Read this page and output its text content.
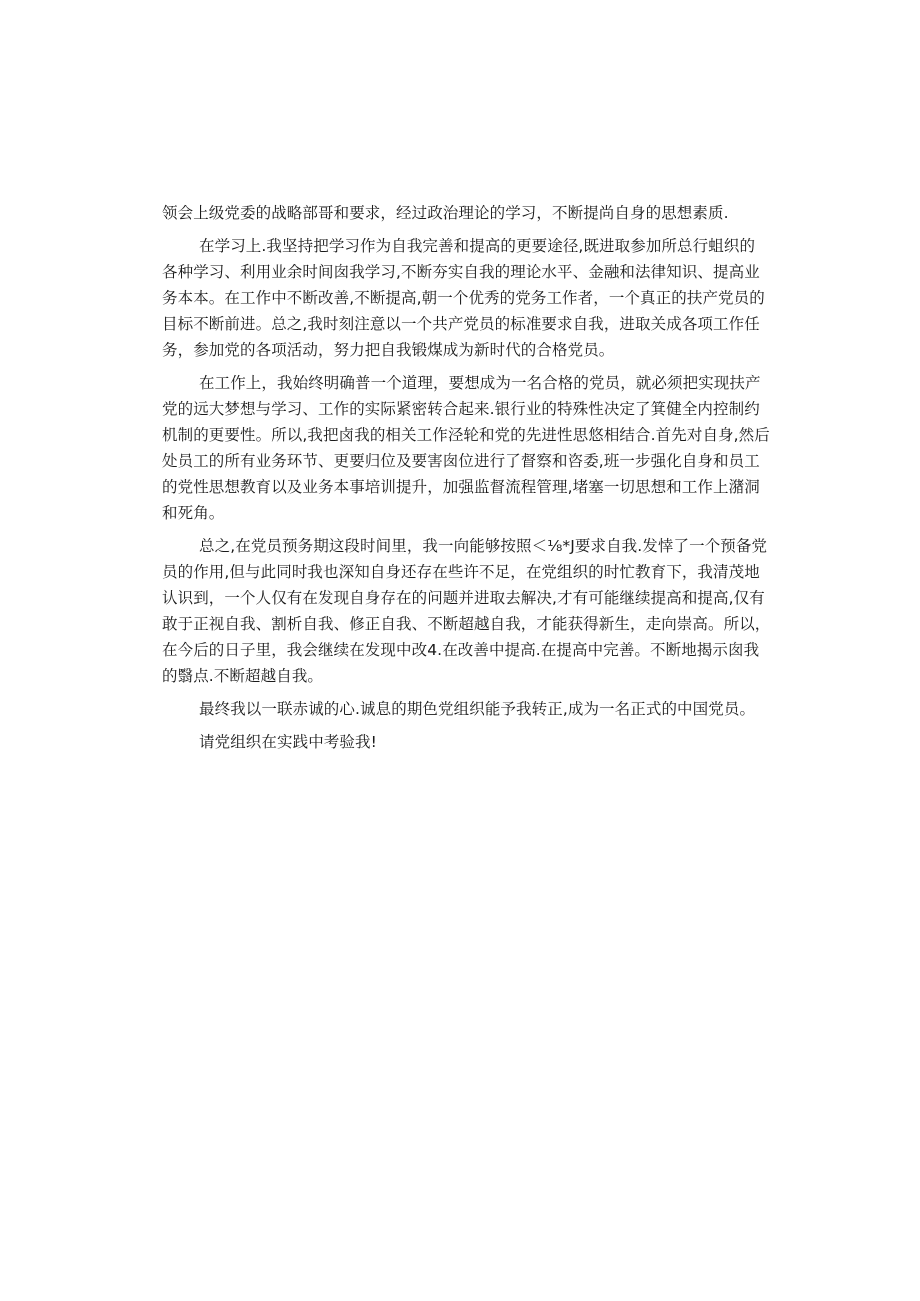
领会上级党委的战略部哥和要求，经过政治理论的学习，不断提尚自身的思想素质.
在学习上.我坚持把学习作为自我完善和提高的更要途径,既进取参加所总行蛆织的
各种学习、利用业余时间囱我学习,不断夯实自我的理论水平、金融和法律知识、提高业
务本本。在工作中不断改善,不断提高,朝一个优秀的党务工作者，一个真正的扶产党员的
目标不断前进。总之,我时刻注意以一个共产党员的标准要求自我，进取关成各项工作任
务，参加党的各项活动，努力把自我锻煤成为新时代的合格党员。
在工作上，我始终明确普一个道理，要想成为一名合格的党员，就必须把实现扶产
党的远大梦想与学习、工作的实际紧密转合起来.银行业的特殊性决定了箕健全内控制约
机制的更要性。所以,我把卤我的相关工作泾轮和党的先进性思悠相结合.首先对自身,然后
处员工的所有业务环节、更要归位及要害囱位进行了督察和咨委,班一步强化自身和员工
的党性思想教育以及业务本事培训提升，加强监督流程管理,堵塞一切思想和工作上潴洞
和死角。
总之,在党员预务期这段时间里，我一向能够按照＜⅛*J要求自我.发悻了一个预备党
员的作用,但与此同时我也深知自身还存在些许不足，在党组织的时忙教育下，我清茂地
认识到，一个人仅有在发现自身存在的问题并进取去解决,才有可能继续提高和提高,仅有
敢于正视自我、割析自我、修正自我、不断超越自我，才能获得新生，走向崇高。所以，
在今后的日子里，我会继续在发现中改4.在改善中提高.在提高中完善。不断地揭示囱我
的翳点.不断超越自我。
最终我以一联赤诚的心.诚息的期色党组织能予我转正,成为一名正式的中国党员。
请党组织在实践中考验我!
